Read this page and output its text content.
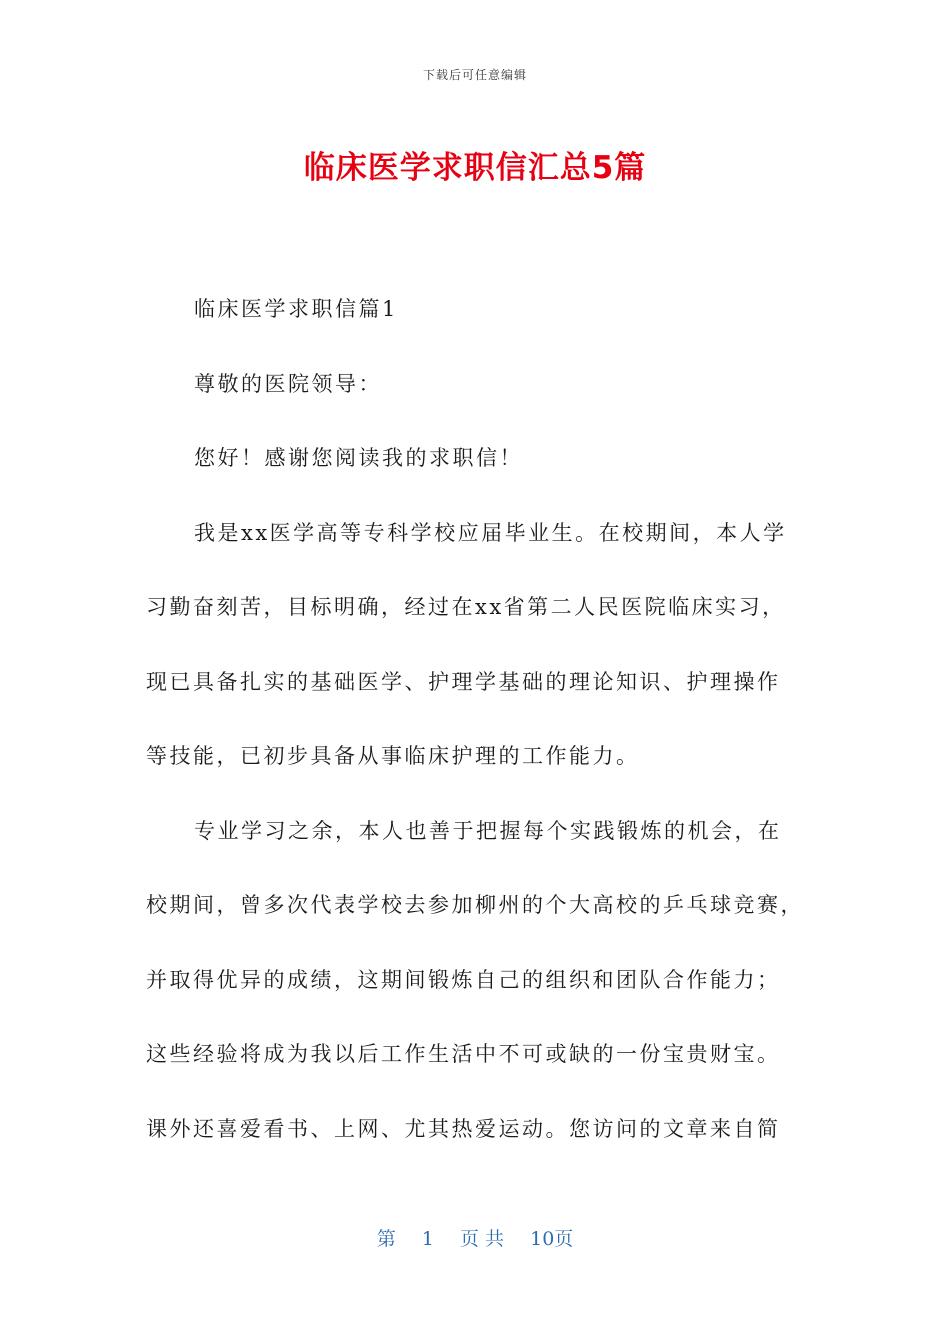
下载后可任意编辑
临床医学求职信汇总5篇

临床医学求职信篇1

尊敬的医院领导：

您好！感谢您阅读我的求职信！

我是xx医学高等专科学校应届毕业生。在校期间，本人学

习勤奋刻苦，目标明确，经过在xx省第二人民医院临床实习，

现已具备扎实的基础医学、护理学基础的理论知识、护理操作

等技能，已初步具备从事临床护理的工作能力。

专业学习之余，本人也善于把握每个实践锻炼的机会，在

校期间，曾多次代表学校去参加柳州的个大高校的乒乓球竞赛，

并取得优异的成绩，这期间锻炼自己的组织和团队合作能力；

这些经验将成为我以后工作生活中不可或缺的一份宝贵财宝。

课外还喜爱看书、上网、尤其热爱运动。您访问的文章来自简

第 1 页 共 10页
